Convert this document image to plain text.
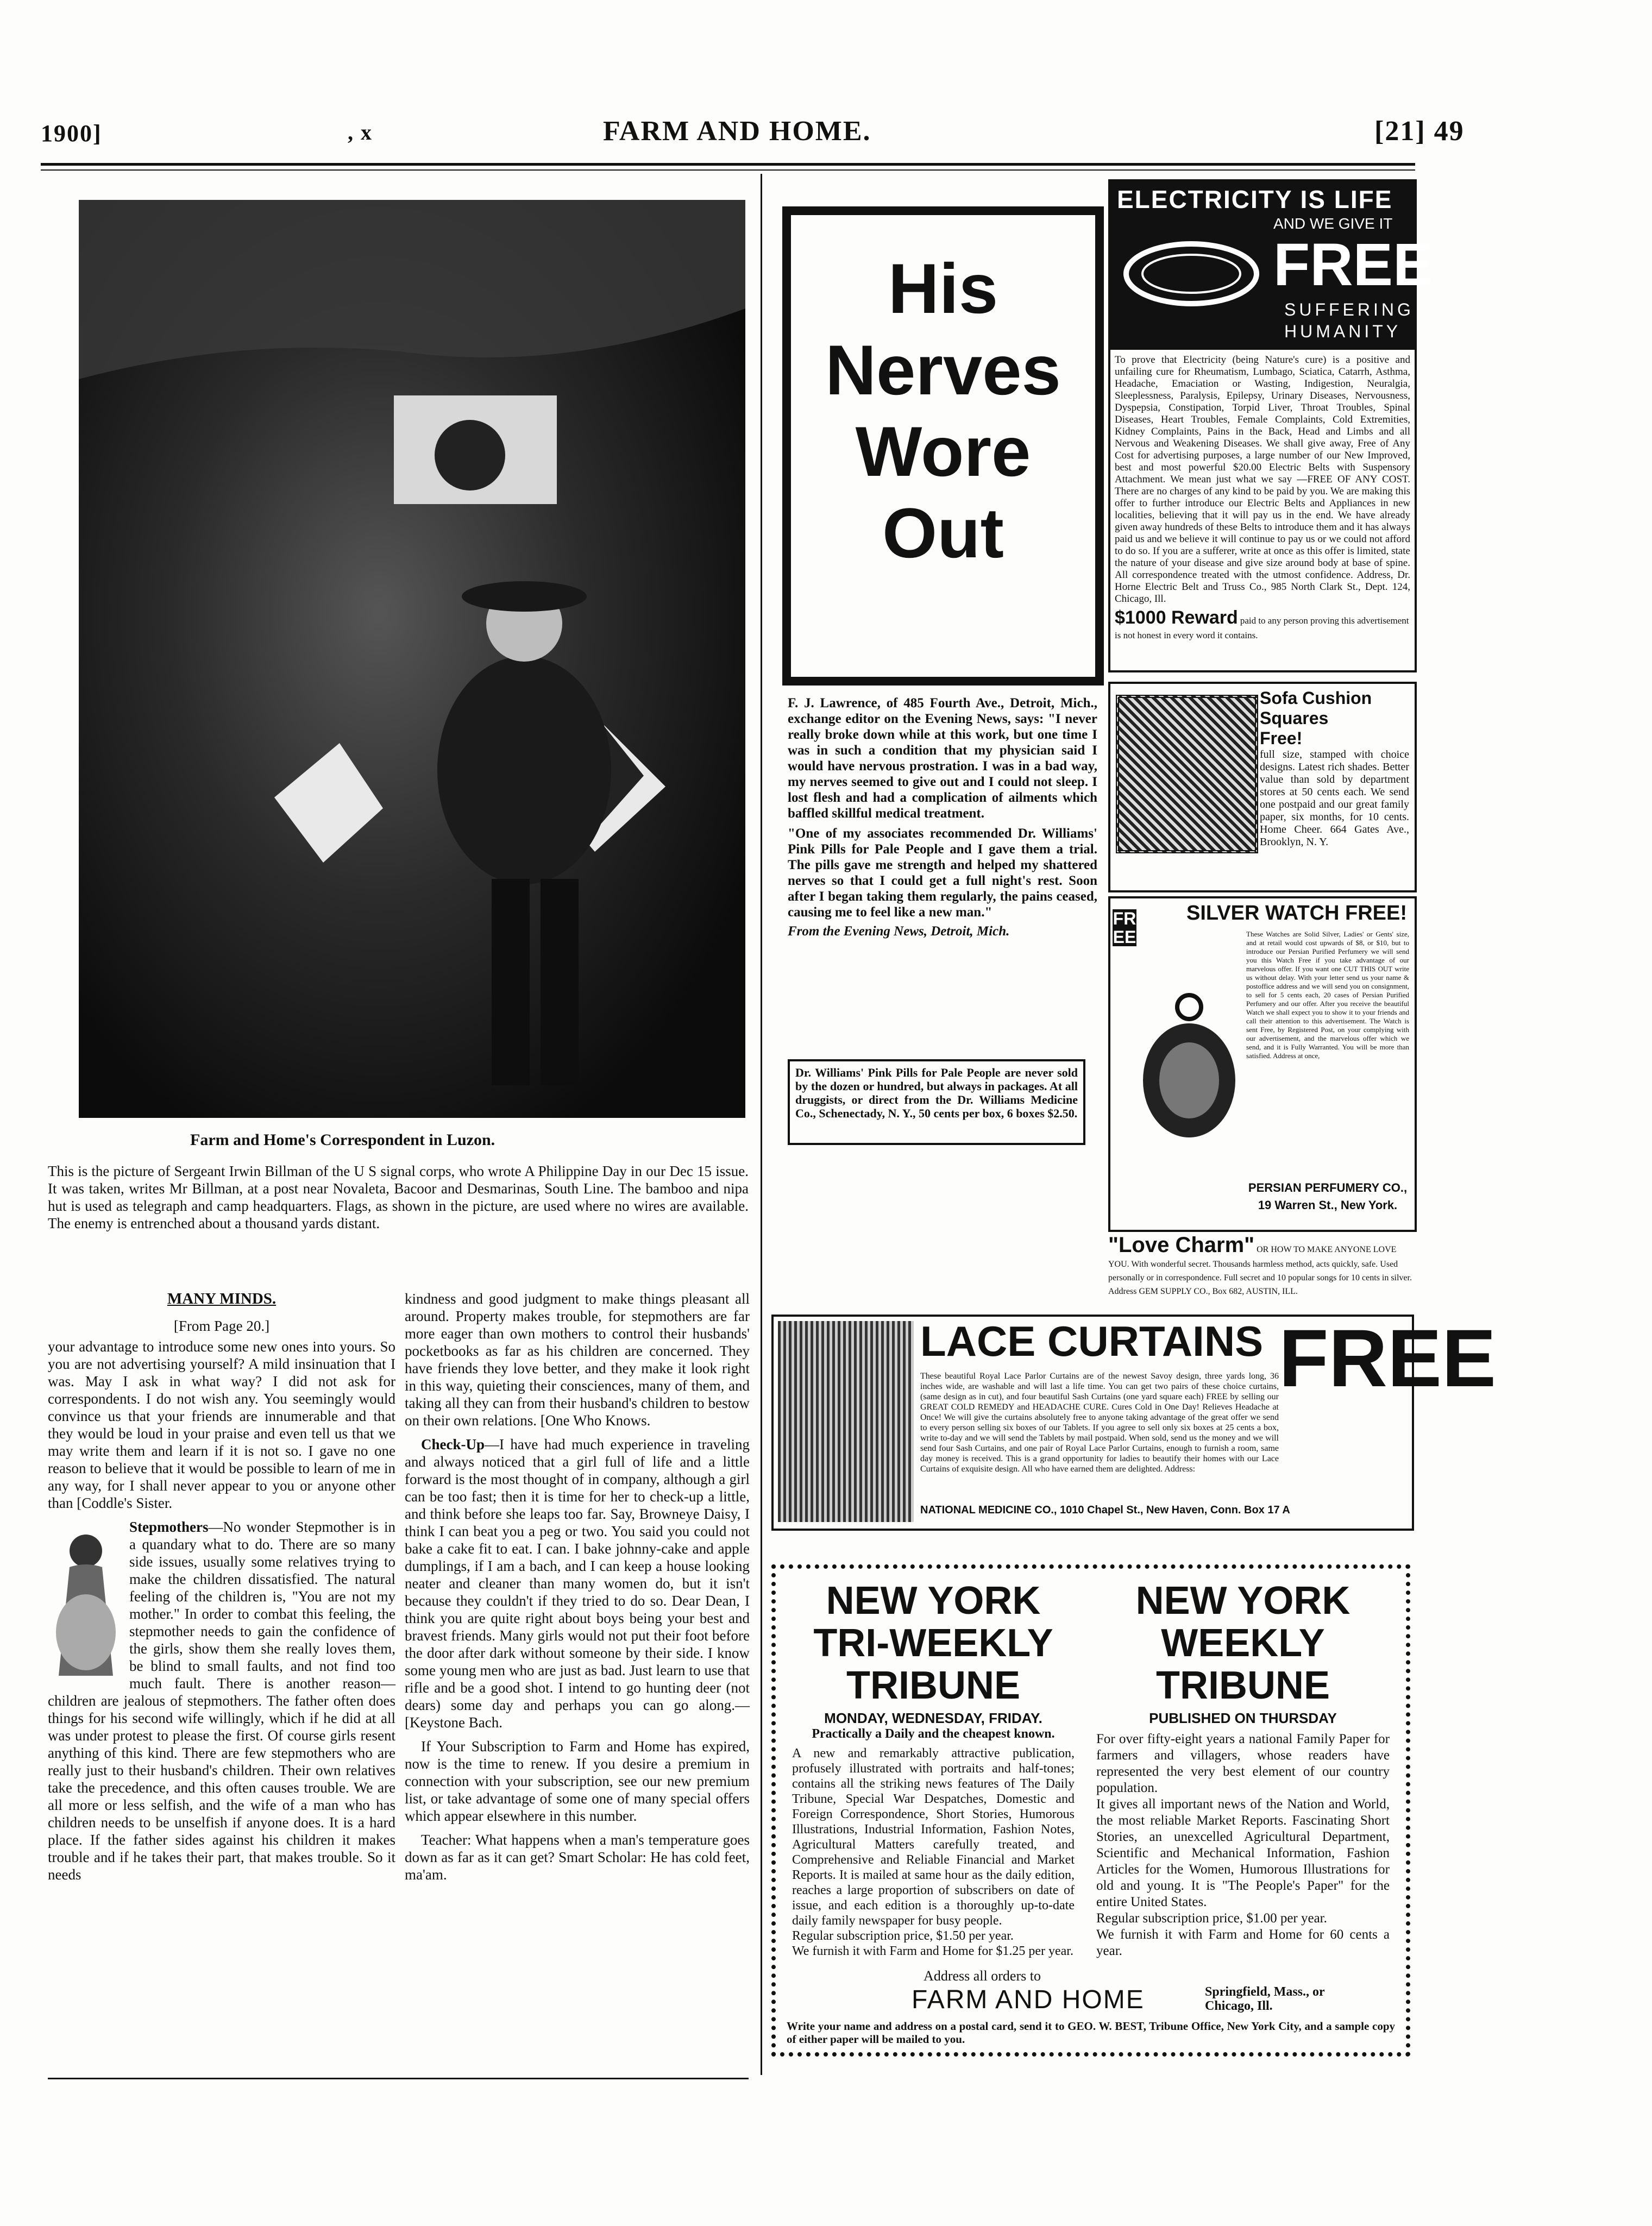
1900]	, x	FARM AND HOME.	[21] 49
Farm and Home's Correspondent in Luzon.
This is the picture of Sergeant Irwin Billman of the U S signal corps, who wrote A Philippine Day in our Dec 15 issue. It was taken, writes Mr Billman, at a post near Novaleta, Bacoor and Desmarinas, South Line. The bamboo and nipa hut is used as telegraph and camp headquarters. Flags, as shown in the picture, are used where no wires are available. The enemy is entrenched about a thousand yards distant.
MANY MINDS.
[From Page 20.]

your advantage to introduce some new ones into yours. So you are not advertising yourself? A mild insinuation that I was. May I ask in what way? I did not ask for correspondents. I do not wish any. You seemingly would convince us that your friends are innumerable and that they would be loud in your praise and even tell us that we may write them and learn if it is not so. I gave no one reason to believe that it would be possible to learn of me in any way, for I shall never appear to you or anyone other than [Coddle's Sister.

Stepmothers—No wonder Stepmother is in a quandary what to do. There are so many side issues, usually some relatives trying to make the children dissatisfied. The natural feeling of the children is, "You are not my mother." In order to combat this feeling, the stepmother needs to gain the confidence of the girls, show them she really loves them, be blind to small faults, and not find too much fault. There is another reason—children are jealous of stepmothers. The father often does things for his second wife willingly, which if he did at all was under protest to please the first. Of course girls resent anything of this kind. There are few stepmothers who are really just to their husband's children. Their own relatives take the precedence, and this often causes trouble. We are all more or less selfish, and the wife of a man who has children needs to be unselfish if anyone does. It is a hard place. If the father sides against his children it makes trouble and if he takes their part, that makes trouble. So it needs

kindness and good judgment to make things pleasant all around. Property makes trouble, for stepmothers are far more eager than own mothers to control their husbands' pocketbooks as far as his children are concerned. They have friends they love better, and they make it look right in this way, quieting their consciences, many of them, and taking all they can from their husband's children to bestow on their own relations. [One Who Knows.

Check-Up—I have had much experience in traveling and always noticed that a girl full of life and a little forward is the most thought of in company, although a girl can be too fast; then it is time for her to check-up a little, and think before she leaps too far. Say, Browneye Daisy, I think I can beat you a peg or two. You said you could not bake a cake fit to eat. I can. I bake johnny-cake and apple dumplings, if I am a bach, and I can keep a house looking neater and cleaner than many women do, but it isn't because they couldn't if they tried to do so. Dear Dean, I think you are quite right about boys being your best and bravest friends. Many girls would not put their foot before the door after dark without someone by their side. I know some young men who are just as bad. Just learn to use that rifle and be a good shot. I intend to go hunting deer (not dears) some day and perhaps you can go along.—[Keystone Bach.

If Your Subscription to Farm and Home has expired, now is the time to renew. If you desire a premium in connection with your subscription, see our new premium list, or take advantage of some one of many special offers which appear elsewhere in this number.

Teacher: What happens when a man's temperature goes down as far as it can get? Smart Scholar: He has cold feet, ma'am.

His
Nerves
Wore
Out
F. J. Lawrence, of 485 Fourth Ave., Detroit, Mich., exchange editor on the Evening News, says: "I never really broke down while at this work, but one time I was in such a condition that my physician said I would have nervous prostration. I was in a bad way, my nerves seemed to give out and I could not sleep. I lost flesh and had a complication of ailments which baffled skillful medical treatment.
"One of my associates recommended Dr. Williams' Pink Pills for Pale People and I gave them a trial. The pills gave me strength and helped my shattered nerves so that I could get a full night's rest. Soon after I began taking them regularly, the pains ceased, causing me to feel like a new man."
From the Evening News, Detroit, Mich.
Dr. Williams' Pink Pills for Pale People are never sold by the dozen or hundred, but always in packages. At all druggists, or direct from the Dr. Williams Medicine Co., Schenectady, N. Y., 50 cents per box, 6 boxes $2.50.
ELECTRICITY IS LIFE
AND WE GIVE IT
FREE
SUFFERING
HUMANITY
To prove that Electricity (being Nature's cure) is a positive and unfailing cure for Rheumatism, Lumbago, Sciatica, Catarrh, Asthma, Headache, Emaciation or Wasting, Indigestion, Neuralgia, Sleeplessness, Paralysis, Epilepsy, Urinary Diseases, Nervousness, Dyspepsia, Constipation, Torpid Liver, Throat Troubles, Spinal Diseases, Heart Troubles, Female Complaints, Cold Extremities, Kidney Complaints, Pains in the Back, Head and Limbs and all Nervous and Weakening Diseases. We shall give away, Free of Any Cost for advertising purposes, a large number of our New Improved, best and most powerful $20.00 Electric Belts with Suspensory Attachment. We mean just what we say —FREE OF ANY COST. There are no charges of any kind to be paid by you. We are making this offer to further introduce our Electric Belts and Appliances in new localities, believing that it will pay us in the end. We have already given away hundreds of these Belts to introduce them and it has always paid us and we believe it will continue to pay us or we could not afford to do so. If you are a sufferer, write at once as this offer is limited, state the nature of your disease and give size around body at base of spine. All correspondence treated with the utmost confidence. Address, Dr. Horne Electric Belt and Truss Co., 985 North Clark St., Dept. 124, Chicago, Ill.
$1000 Reward paid to any person proving this advertisement is not honest in every word it contains.
Sofa Cushion
Squares
Free!
full size, stamped with choice designs. Latest rich shades. Better value than sold by department stores at 50 cents each. We send one postpaid and our great family paper, six months, for 10 cents. Home Cheer. 664 Gates Ave., Brooklyn, N. Y.
FREE
SILVER WATCH FREE!
These Watches are Solid Silver, Ladies' or Gents' size, and at retail would cost upwards of $8, or $10, but to introduce our Persian Purified Perfumery we will send you this Watch Free if you take advantage of our marvelous offer. If you want one CUT THIS OUT write us without delay. With your letter send us your name & postoffice address and we will send you on consignment, to sell for 5 cents each, 20 cases of Persian Purified Perfumery and our offer. After you receive the beautiful Watch we shall expect you to show it to your friends and call their attention to this advertisement. The Watch is sent Free, by Registered Post, on your complying with our advertisement, and the marvelous offer which we send, and it is Fully Warranted. You will be more than satisfied. Address at once,
PERSIAN PERFUMERY CO.,
19 Warren St., New York.
"Love Charm" OR HOW TO MAKE ANYONE LOVE YOU. With wonderful secret. Thousands harmless method, acts quickly, safe. Used personally or in correspondence. Full secret and 10 popular songs for 10 cents in silver. Address GEM SUPPLY CO., Box 682, AUSTIN, ILL.
LACE CURTAINS FREE
These beautiful Royal Lace Parlor Curtains are of the newest Savoy design, three yards long, 36 inches wide, are washable and will last a life time. You can get two pairs of these choice curtains, (same design as in cut), and four beautiful Sash Curtains (one yard square each) FREE by selling our GREAT COLD REMEDY and HEADACHE CURE. Cures Cold in One Day! Relieves Headache at Once! We will give the curtains absolutely free to anyone taking advantage of the great offer we send to every person selling six boxes of our Tablets. If you agree to sell only six boxes at 25 cents a box, write to-day and we will send the Tablets by mail postpaid. When sold, send us the money and we will send four Sash Curtains, and one pair of Royal Lace Parlor Curtains, enough to furnish a room, same day money is received. This is a grand opportunity for ladies to beautify their homes with our Lace Curtains of exquisite design. All who have earned them are delighted. Address:
NATIONAL MEDICINE CO., 1010 Chapel St., New Haven, Conn. Box 17 A
NEW YORK
TRI-WEEKLY
TRIBUNE
MONDAY, WEDNESDAY, FRIDAY.
Practically a Daily and the cheapest known.
A new and remarkably attractive publication, profusely illustrated with portraits and half-tones; contains all the striking news features of The Daily Tribune, Special War Despatches, Domestic and Foreign Correspondence, Short Stories, Humorous Illustrations, Industrial Information, Fashion Notes, Agricultural Matters carefully treated, and Comprehensive and Reliable Financial and Market Reports. It is mailed at same hour as the daily edition, reaches a large proportion of subscribers on date of issue, and each edition is a thoroughly up-to-date daily family newspaper for busy people.
Regular subscription price, $1.50 per year.
We furnish it with Farm and Home for $1.25 per year.
NEW YORK
WEEKLY
TRIBUNE
PUBLISHED ON THURSDAY
For over fifty-eight years a national Family Paper for farmers and villagers, whose readers have represented the very best element of our country population.
It gives all important news of the Nation and World, the most reliable Market Reports. Fascinating Short Stories, an unexcelled Agricultural Department, Scientific and Mechanical Information, Fashion Articles for the Women, Humorous Illustrations for old and young. It is "The People's Paper" for the entire United States.
Regular subscription price, $1.00 per year.
We furnish it with Farm and Home for 60 cents a year.
Address all orders to
FARM AND HOME	Springfield, Mass., or Chicago, Ill.
Write your name and address on a postal card, send it to GEO. W. BEST, Tribune Office, New York City, and a sample copy of either paper will be mailed to you.
